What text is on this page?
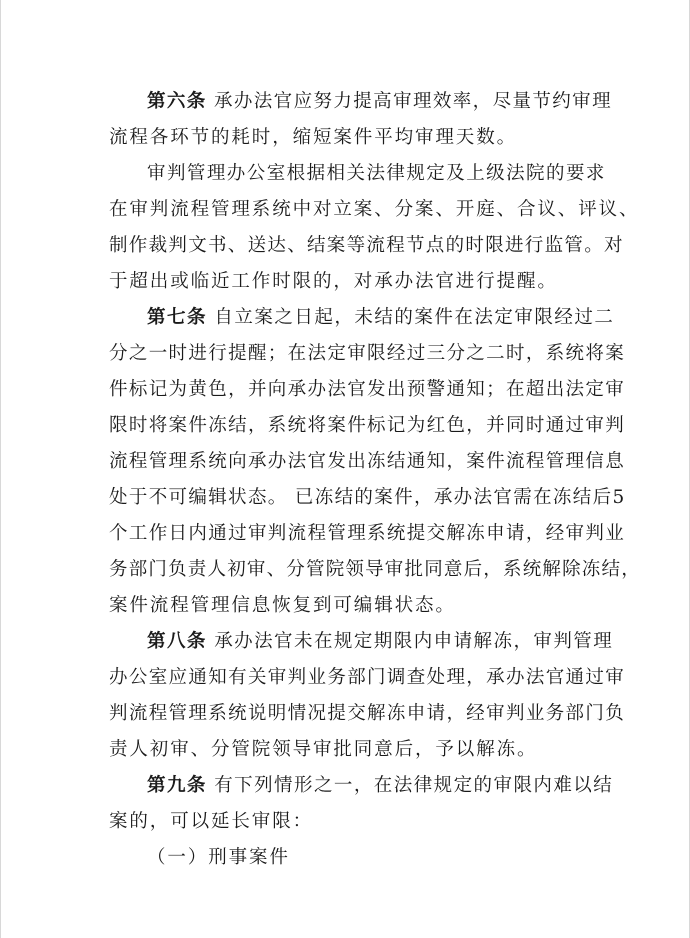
第六条 承办法官应努力提高审理效率，尽量节约审理
流程各环节的耗时，缩短案件平均审理天数。
审判管理办公室根据相关法律规定及上级法院的要求
在审判流程管理系统中对立案、分案、开庭、合议、评议、
制作裁判文书、送达、结案等流程节点的时限进行监管。对
于超出或临近工作时限的，对承办法官进行提醒。
第七条 自立案之日起，未结的案件在法定审限经过二
分之一时进行提醒；在法定审限经过三分之二时，系统将案
件标记为黄色，并向承办法官发出预警通知；在超出法定审
限时将案件冻结，系统将案件标记为红色，并同时通过审判
流程管理系统向承办法官发出冻结通知，案件流程管理信息
处于不可编辑状态。 已冻结的案件，承办法官需在冻结后5
个工作日内通过审判流程管理系统提交解冻申请，经审判业
务部门负责人初审、分管院领导审批同意后，系统解除冻结，
案件流程管理信息恢复到可编辑状态。
第八条 承办法官未在规定期限内申请解冻，审判管理
办公室应通知有关审判业务部门调查处理，承办法官通过审
判流程管理系统说明情况提交解冻申请，经审判业务部门负
责人初审、分管院领导审批同意后，予以解冻。
第九条 有下列情形之一，在法律规定的审限内难以结
案的，可以延长审限：
（一）刑事案件
